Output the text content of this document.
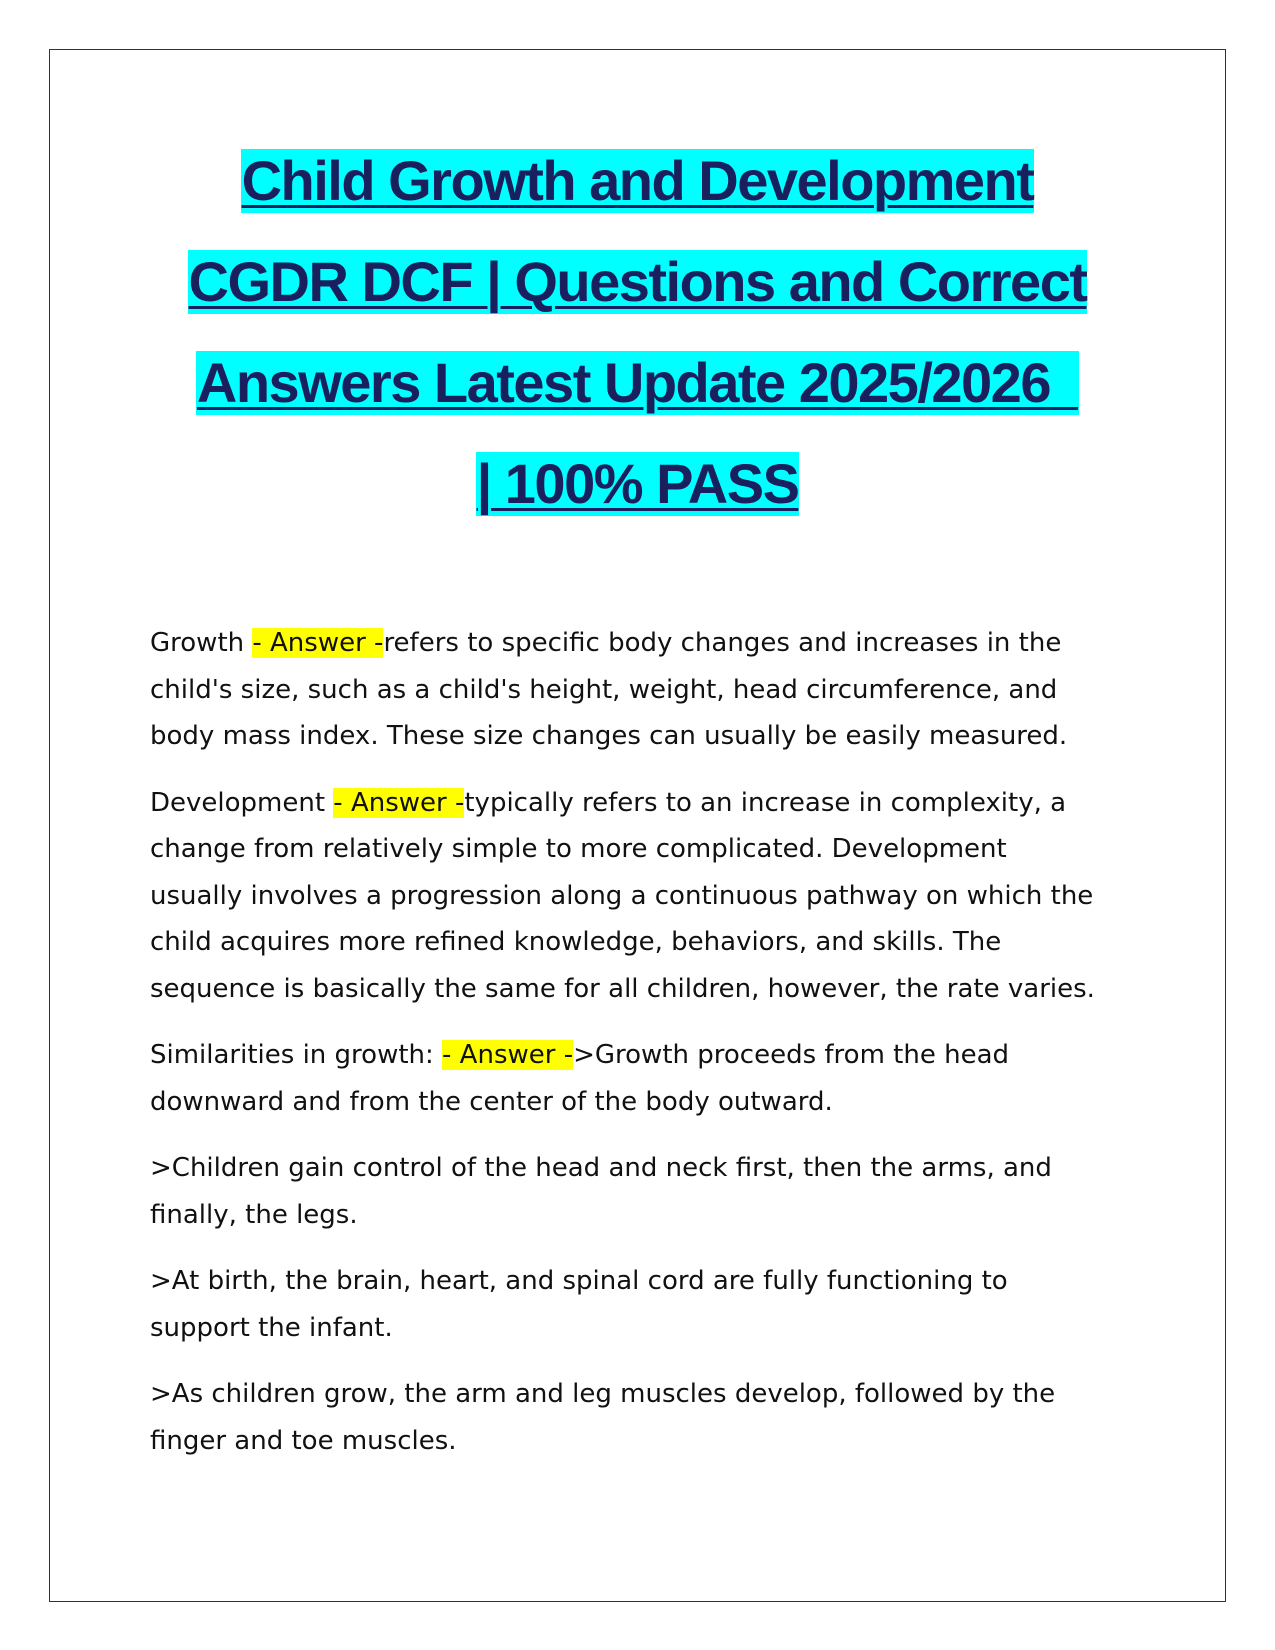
Child Growth and Development
CGDR DCF | Questions and Correct
Answers Latest Update 2025/2026
| 100% PASS
Growth - Answer -refers to specific body changes and increases in the
child's size, such as a child's height, weight, head circumference, and
body mass index. These size changes can usually be easily measured.
Development - Answer -typically refers to an increase in complexity, a
change from relatively simple to more complicated. Development
usually involves a progression along a continuous pathway on which the
child acquires more refined knowledge, behaviors, and skills. The
sequence is basically the same for all children, however, the rate varies.
Similarities in growth: - Answer ->Growth proceeds from the head
downward and from the center of the body outward.
>Children gain control of the head and neck first, then the arms, and
finally, the legs.
>At birth, the brain, heart, and spinal cord are fully functioning to
support the infant.
>As children grow, the arm and leg muscles develop, followed by the
finger and toe muscles.
